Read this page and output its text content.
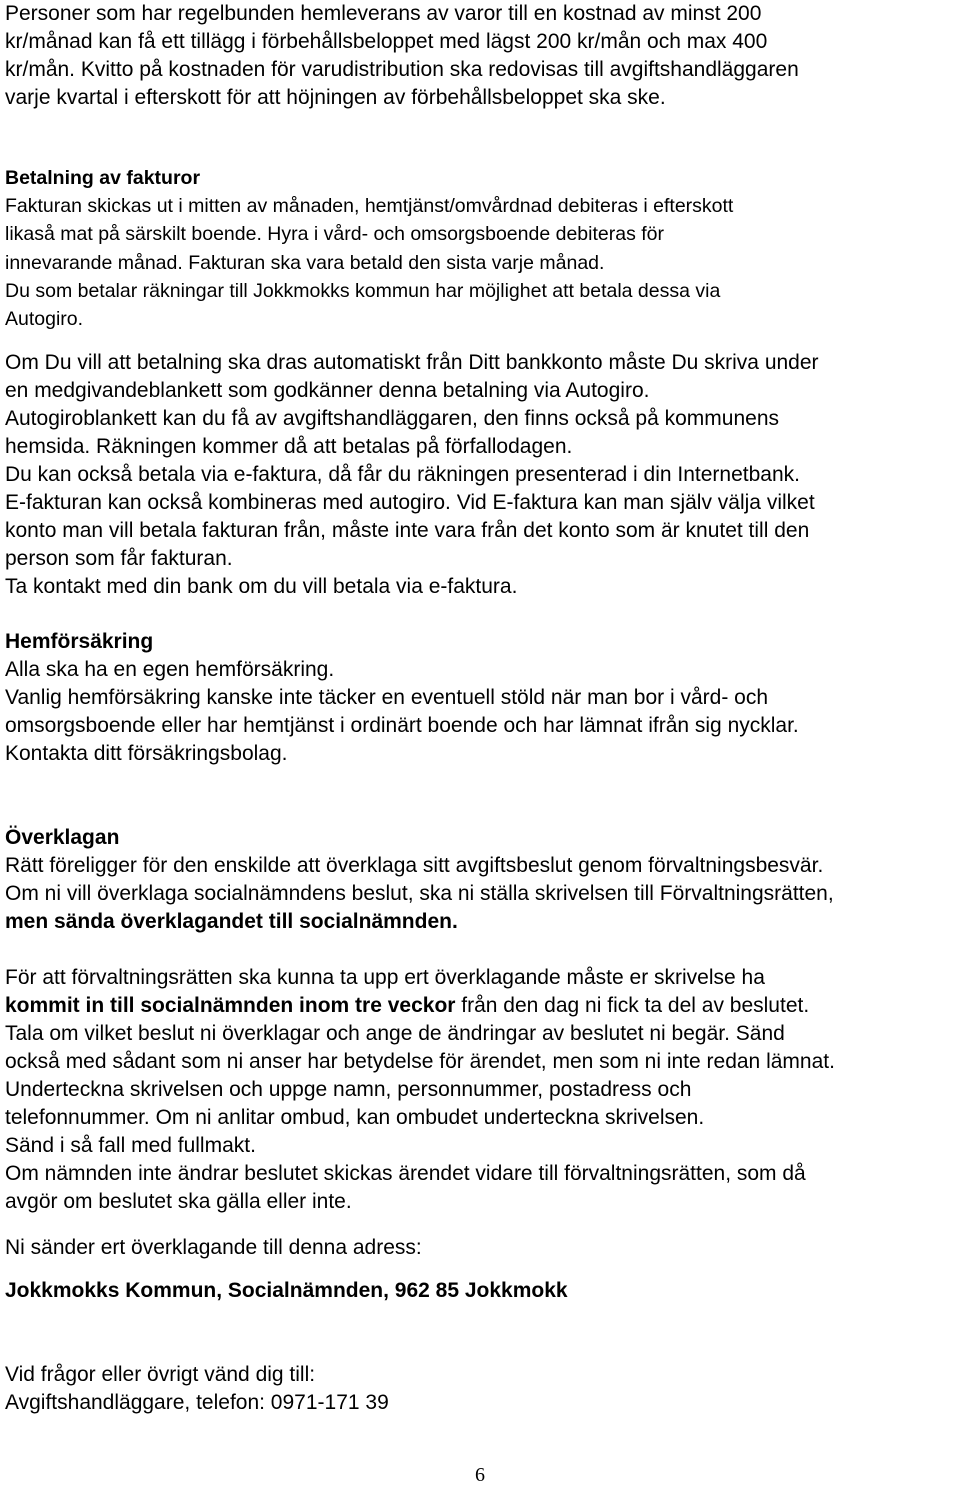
Personer som har regelbunden hemleverans av varor till en kostnad av minst 200
kr/månad kan få ett tillägg i förbehållsbeloppet med lägst 200 kr/mån och max 400
kr/mån. Kvitto på kostnaden för varudistribution ska redovisas till avgiftshandläggaren
varje kvartal i efterskott för att höjningen av förbehållsbeloppet ska ske.
Betalning av fakturor
Fakturan skickas ut i mitten av månaden, hemtjänst/omvårdnad debiteras i efterskott
likaså mat på särskilt boende. Hyra i vård- och omsorgsboende debiteras för
innevarande månad. Fakturan ska vara betald den sista varje månad.
Du som betalar räkningar till Jokkmokks kommun har möjlighet att betala dessa via
Autogiro.
Om Du vill att betalning ska dras automatiskt från Ditt bankkonto måste Du skriva under
en medgivandeblankett som godkänner denna betalning via Autogiro.
Autogiroblankett kan du få av avgiftshandläggaren, den finns också på kommunens
hemsida. Räkningen kommer då att betalas på förfallodagen.
Du kan också betala via e-faktura, då får du räkningen presenterad i din Internetbank.
E-fakturan kan också kombineras med autogiro. Vid E-faktura kan man själv välja vilket
konto man vill betala fakturan från, måste inte vara från det konto som är knutet till den
person som får fakturan.
Ta kontakt med din bank om du vill betala via e-faktura.
Hemförsäkring
Alla ska ha en egen hemförsäkring.
Vanlig hemförsäkring kanske inte täcker en eventuell stöld när man bor i vård- och
omsorgsboende eller har hemtjänst i ordinärt boende och har lämnat ifrån sig nycklar.
Kontakta ditt försäkringsbolag.
Överklagan
Rätt föreligger för den enskilde att överklaga sitt avgiftsbeslut genom förvaltningsbesvär.
Om ni vill överklaga socialnämndens beslut, ska ni ställa skrivelsen till Förvaltningsrätten,
men sända överklagandet till socialnämnden.
För att förvaltningsrätten ska kunna ta upp ert överklagande måste er skrivelse ha
kommit in till socialnämnden inom tre veckor från den dag ni fick ta del av beslutet.
Tala om vilket beslut ni överklagar och ange de ändringar av beslutet ni begär. Sänd
också med sådant som ni anser har betydelse för ärendet, men som ni inte redan lämnat.
Underteckna skrivelsen och uppge namn, personnummer, postadress och
telefonnummer. Om ni anlitar ombud, kan ombudet underteckna skrivelsen.
Sänd i så fall med fullmakt.
Om nämnden inte ändrar beslutet skickas ärendet vidare till förvaltningsrätten, som då
avgör om beslutet ska gälla eller inte.
Ni sänder ert överklagande till denna adress:
Jokkmokks Kommun, Socialnämnden, 962 85 Jokkmokk
Vid frågor eller övrigt vänd dig till:
Avgiftshandläggare, telefon: 0971-171 39
6
